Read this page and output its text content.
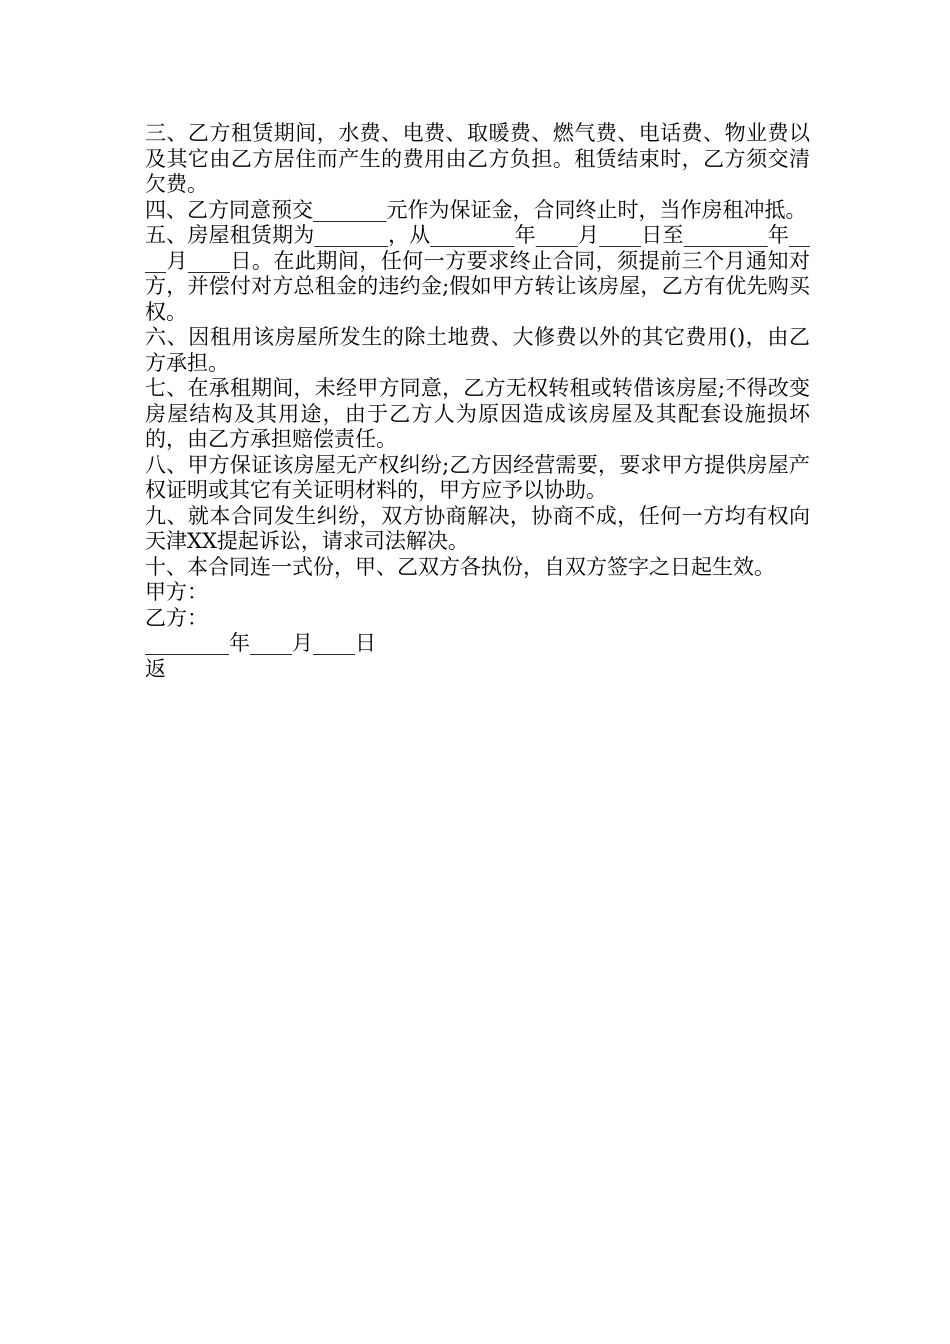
三、乙方租赁期间，水费、电费、取暖费、燃气费、电话费、物业费以及其它由乙方居住而产生的费用由乙方负担。租赁结束时，乙方须交清欠费。

四、乙方同意预交_______元作为保证金，合同终止时，当作房租冲抵。

五、房屋租赁期为_______，从________年____月____日至________年____月____日。在此期间，任何一方要求终止合同，须提前三个月通知对方，并偿付对方总租金的违约金;假如甲方转让该房屋，乙方有优先购买权。

六、因租用该房屋所发生的除土地费、大修费以外的其它费用()，由乙方承担。

七、在承租期间，未经甲方同意，乙方无权转租或转借该房屋;不得改变房屋结构及其用途，由于乙方人为原因造成该房屋及其配套设施损坏的，由乙方承担赔偿责任。

八、甲方保证该房屋无产权纠纷;乙方因经营需要，要求甲方提供房屋产权证明或其它有关证明材料的，甲方应予以协助。

九、就本合同发生纠纷，双方协商解决，协商不成，任何一方均有权向天津XX提起诉讼，请求司法解决。

十、本合同连一式份，甲、乙双方各执份，自双方签字之日起生效。

甲方：

乙方：

________年____月____日

返
